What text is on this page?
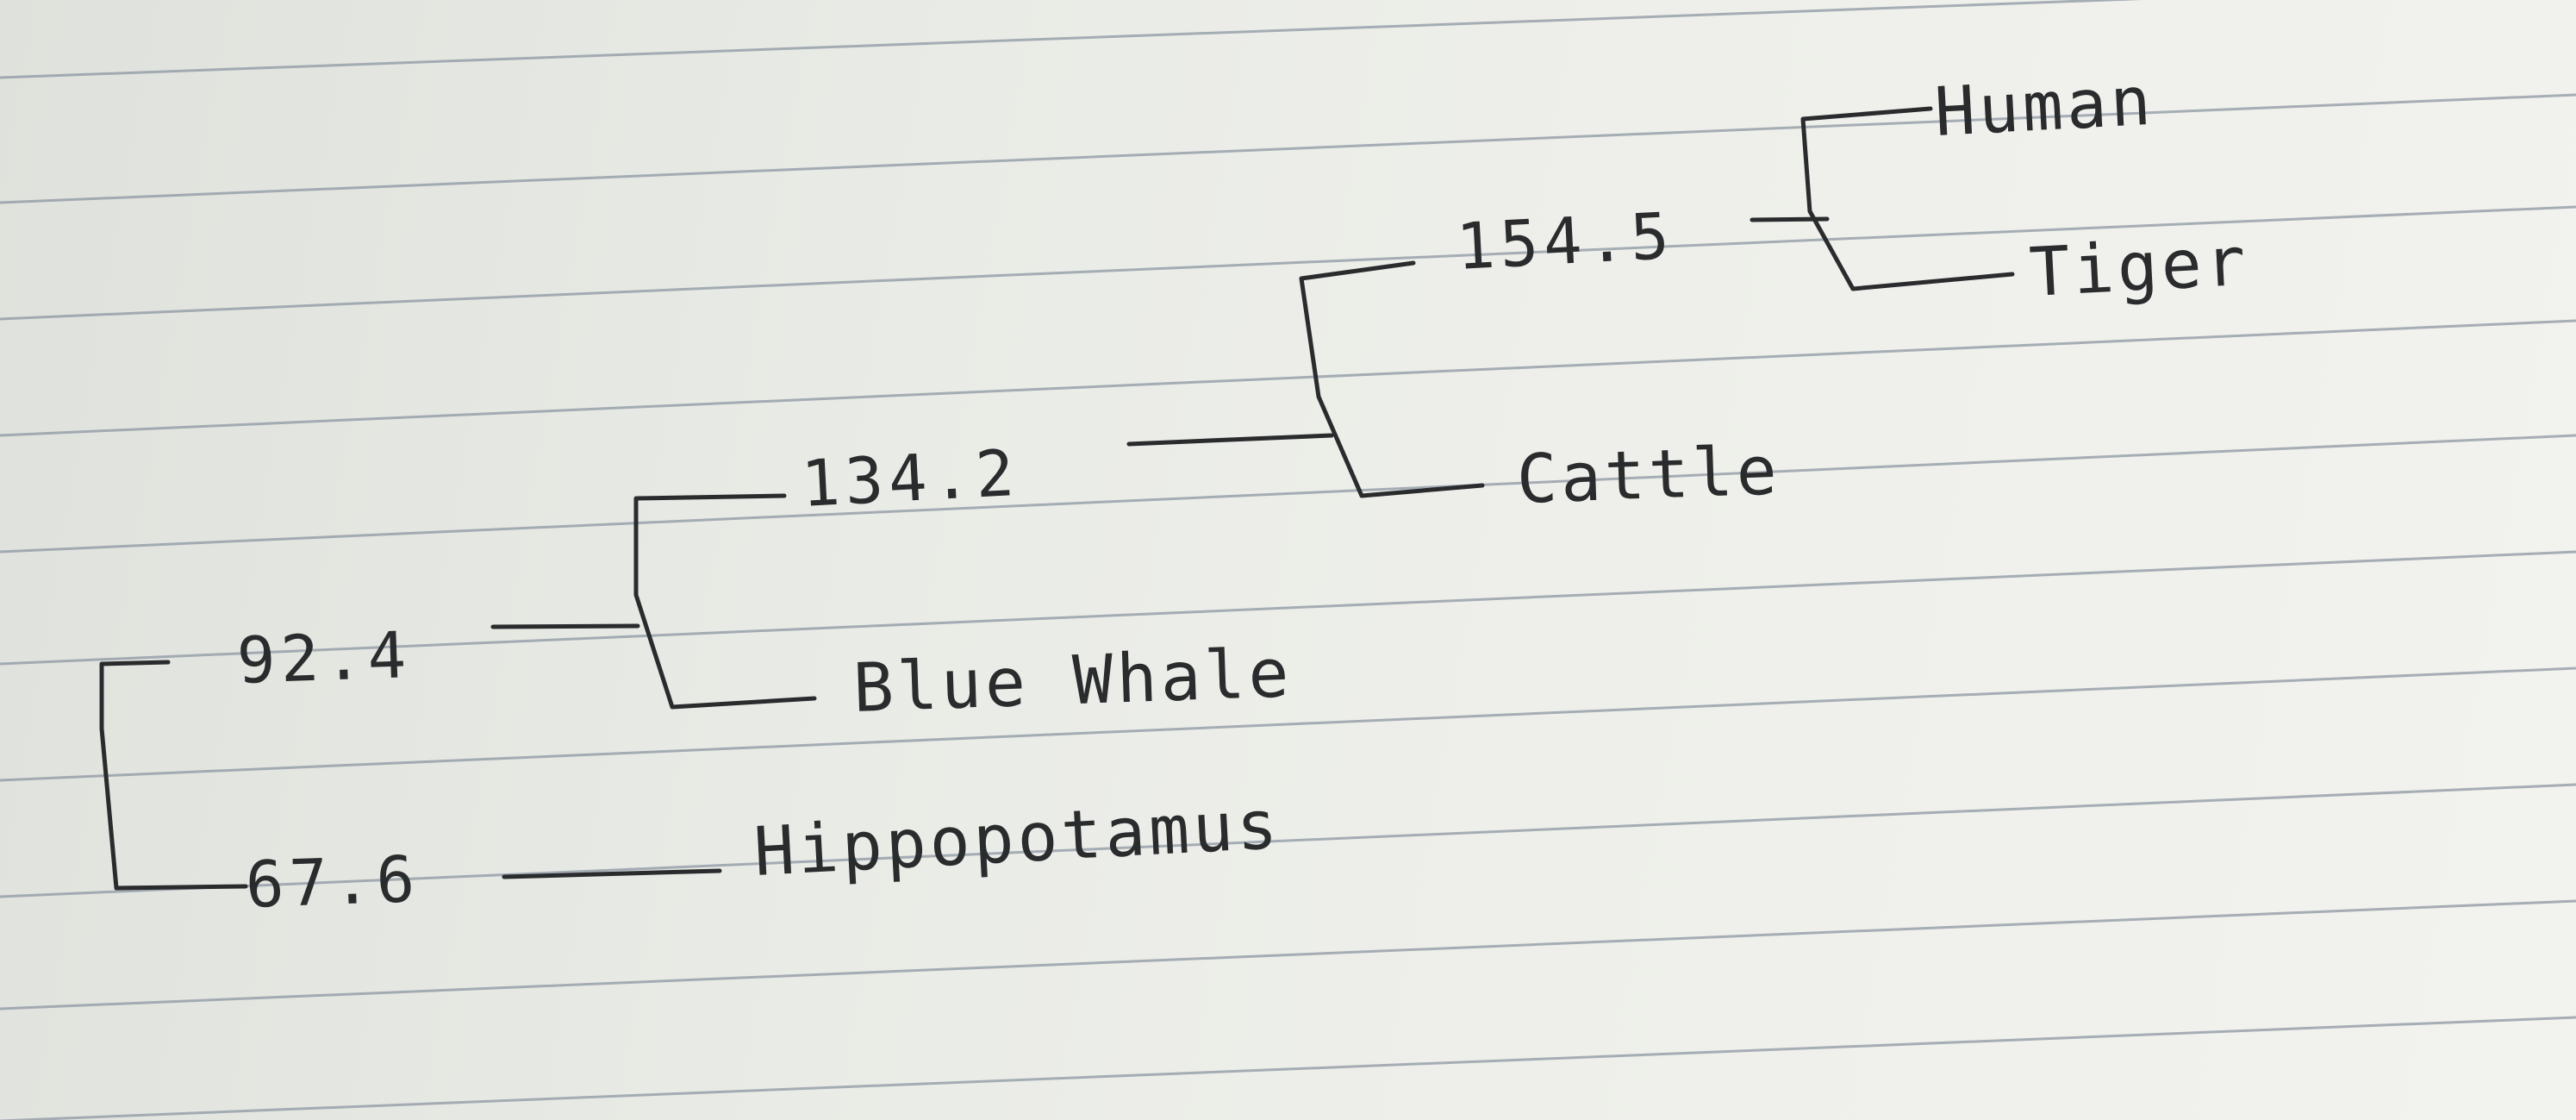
Human
Tiger
154.5
Cattle
134.2
Blue Whale
92.4
67.6	Hippopotamus
